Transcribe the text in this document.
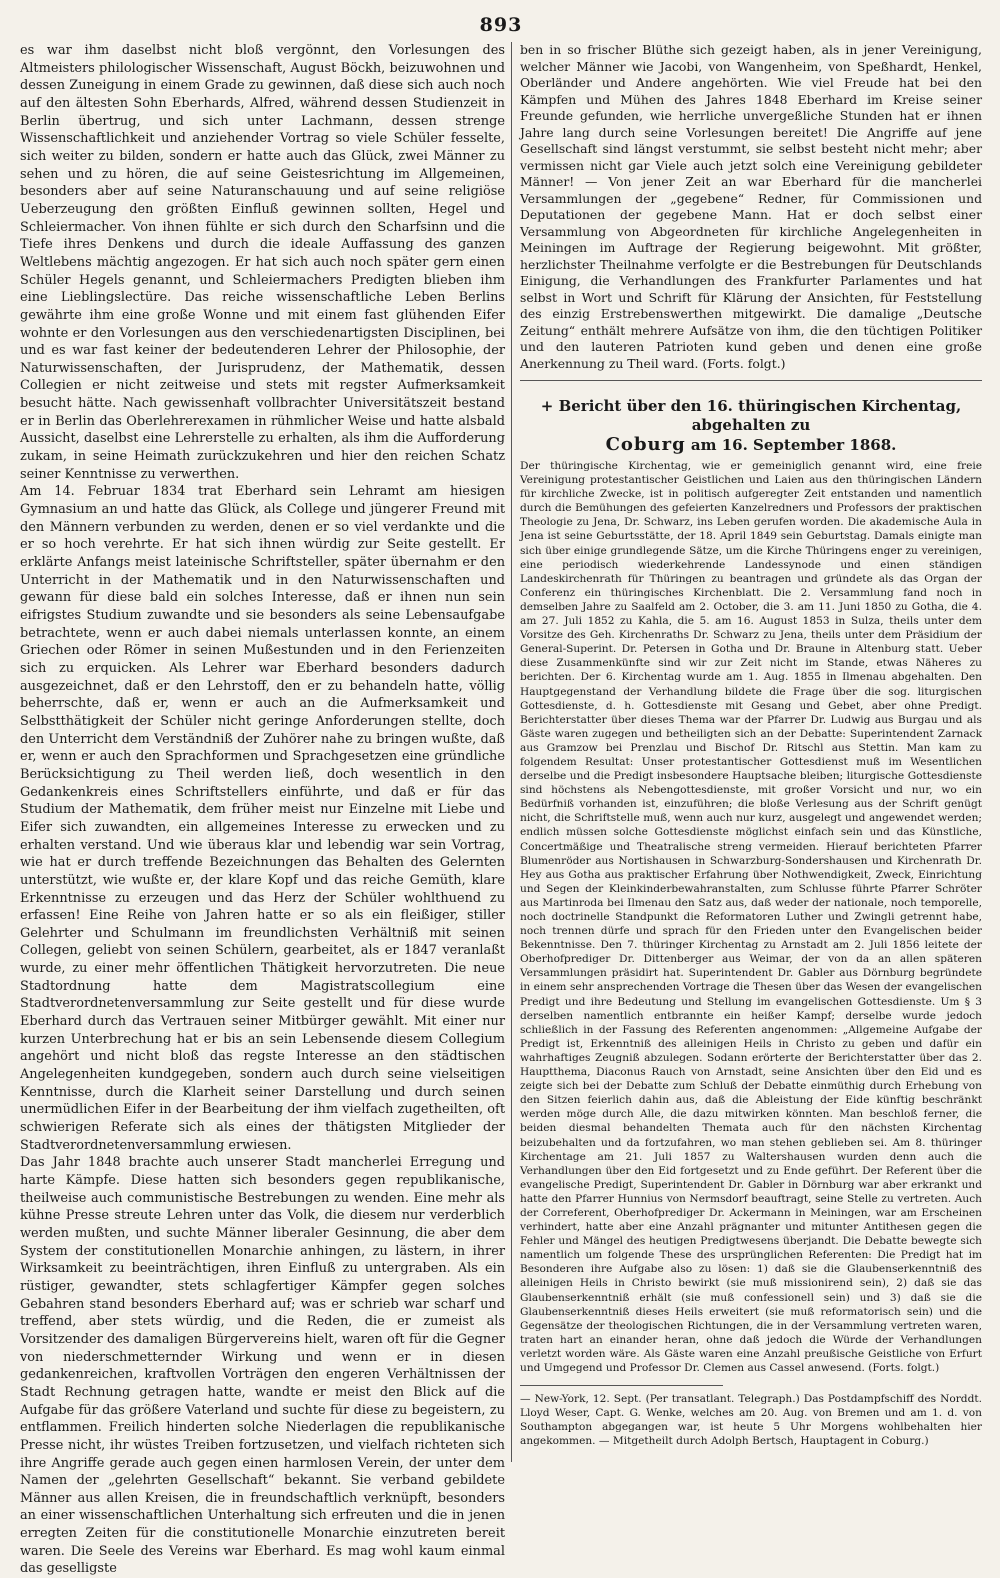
893

es war ihm daselbst nicht bloß vergönnt, den Vorlesungen des Altmeisters philologischer Wissenschaft, August Böckh, beizuwohnen und dessen Zuneigung in einem Grade zu gewinnen, daß diese sich auch noch auf den ältesten Sohn Eberhards, Alfred, während dessen Studienzeit in Berlin übertrug, und sich unter Lachmann, dessen strenge Wissenschaftlichkeit und anziehender Vortrag so viele Schüler fesselte, sich weiter zu bilden, sondern er hatte auch das Glück, zwei Männer zu sehen und zu hören, die auf seine Geistesrichtung im Allgemeinen, besonders aber auf seine Naturanschauung und auf seine religiöse Ueberzeugung den größten Einfluß gewinnen sollten, Hegel und Schleiermacher. Von ihnen fühlte er sich durch den Scharfsinn und die Tiefe ihres Denkens und durch die ideale Auffassung des ganzen Weltlebens mächtig angezogen. Er hat sich auch noch später gern einen Schüler Hegels genannt, und Schleiermachers Predigten blieben ihm eine Lieblingslectüre. Das reiche wissenschaftliche Leben Berlins gewährte ihm eine große Wonne und mit einem fast glühenden Eifer wohnte er den Vorlesungen aus den verschiedenartigsten Disciplinen, bei und es war fast keiner der bedeutenderen Lehrer der Philosophie, der Naturwissenschaften, der Jurisprudenz, der Mathematik, dessen Collegien er nicht zeitweise und stets mit regster Aufmerksamkeit besucht hätte. Nach gewissenhaft vollbrachter Universitätszeit bestand er in Berlin das Oberlehrerexamen in rühmlicher Weise und hatte alsbald Aussicht, daselbst eine Lehrerstelle zu erhalten, als ihm die Aufforderung zukam, in seine Heimath zurückzukehren und hier den reichen Schatz seiner Kenntnisse zu verwerthen.

Am 14. Februar 1834 trat Eberhard sein Lehramt am hiesigen Gymnasium an und hatte das Glück, als College und jüngerer Freund mit den Männern verbunden zu werden, denen er so viel verdankte und die er so hoch verehrte. Er hat sich ihnen würdig zur Seite gestellt. Er erklärte Anfangs meist lateinische Schriftsteller, später übernahm er den Unterricht in der Mathematik und in den Naturwissenschaften und gewann für diese bald ein solches Interesse, daß er ihnen nun sein eifrigstes Studium zuwandte und sie besonders als seine Lebensaufgabe betrachtete, wenn er auch dabei niemals unterlassen konnte, an einem Griechen oder Römer in seinen Mußestunden und in den Ferienzeiten sich zu erquicken. Als Lehrer war Eberhard besonders dadurch ausgezeichnet, daß er den Lehrstoff, den er zu behandeln hatte, völlig beherrschte, daß er, wenn er auch an die Aufmerksamkeit und Selbstthätigkeit der Schüler nicht geringe Anforderungen stellte, doch den Unterricht dem Verständniß der Zuhörer nahe zu bringen wußte, daß er, wenn er auch den Sprachformen und Sprachgesetzen eine gründliche Berücksichtigung zu Theil werden ließ, doch wesentlich in den Gedankenkreis eines Schriftstellers einführte, und daß er für das Studium der Mathematik, dem früher meist nur Einzelne mit Liebe und Eifer sich zuwandten, ein allgemeines Interesse zu erwecken und zu erhalten verstand. Und wie überaus klar und lebendig war sein Vortrag, wie hat er durch treffende Bezeichnungen das Behalten des Gelernten unterstützt, wie wußte er, der klare Kopf und das reiche Gemüth, klare Erkenntnisse zu erzeugen und das Herz der Schüler wohlthuend zu erfassen! Eine Reihe von Jahren hatte er so als ein fleißiger, stiller Gelehrter und Schulmann im freundlichsten Verhältniß mit seinen Collegen, geliebt von seinen Schülern, gearbeitet, als er 1847 veranlaßt wurde, zu einer mehr öffentlichen Thätigkeit hervorzutreten. Die neue Stadtordnung hatte dem Magistratscollegium eine Stadtverordnetenversammlung zur Seite gestellt und für diese wurde Eberhard durch das Vertrauen seiner Mitbürger gewählt. Mit einer nur kurzen Unterbrechung hat er bis an sein Lebensende diesem Collegium angehört und nicht bloß das regste Interesse an den städtischen Angelegenheiten kundgegeben, sondern auch durch seine vielseitigen Kenntnisse, durch die Klarheit seiner Darstellung und durch seinen unermüdlichen Eifer in der Bearbeitung der ihm vielfach zugetheilten, oft schwierigen Referate sich als eines der thätigsten Mitglieder der Stadtverordnetenversammlung erwiesen.

Das Jahr 1848 brachte auch unserer Stadt mancherlei Erregung und harte Kämpfe. Diese hatten sich besonders gegen republikanische, theilweise auch communistische Bestrebungen zu wenden. Eine mehr als kühne Presse streute Lehren unter das Volk, die diesem nur verderblich werden mußten, und suchte Männer liberaler Gesinnung, die aber dem System der constitutionellen Monarchie anhingen, zu lästern, in ihrer Wirksamkeit zu beeinträchtigen, ihren Einfluß zu untergraben. Als ein rüstiger, gewandter, stets schlagfertiger Kämpfer gegen solches Gebahren stand besonders Eberhard auf; was er schrieb war scharf und treffend, aber stets würdig, und die Reden, die er zumeist als Vorsitzender des damaligen Bürgervereins hielt, waren oft für die Gegner von niederschmetternder Wirkung und wenn er in diesen gedankenreichen, kraftvollen Vorträgen den engeren Verhältnissen der Stadt Rechnung getragen hatte, wandte er meist den Blick auf die Aufgabe für das größere Vaterland und suchte für diese zu begeistern, zu entflammen. Freilich hinderten solche Niederlagen die republikanische Presse nicht, ihr wüstes Treiben fortzusetzen, und vielfach richteten sich ihre Angriffe gerade auch gegen einen harmlosen Verein, der unter dem Namen der „gelehrten Gesellschaft“ bekannt. Sie verband gebildete Männer aus allen Kreisen, die in freundschaftlich verknüpft, besonders an einer wissenschaftlichen Unterhaltung sich erfreuten und die in jenen erregten Zeiten für die constitutionelle Monarchie einzutreten bereit waren. Die Seele des Vereins war Eberhard. Es mag wohl kaum einmal das geselligste

ben in so frischer Blüthe sich gezeigt haben, als in jener Vereinigung, welcher Männer wie Jacobi, von Wangenheim, von Speßhardt, Henkel, Oberländer und Andere angehörten. Wie viel Freude hat bei den Kämpfen und Mühen des Jahres 1848 Eberhard im Kreise seiner Freunde gefunden, wie herrliche unvergeßliche Stunden hat er ihnen Jahre lang durch seine Vorlesungen bereitet! Die Angriffe auf jene Gesellschaft sind längst verstummt, sie selbst besteht nicht mehr; aber vermissen nicht gar Viele auch jetzt solch eine Vereinigung gebildeter Männer! — Von jener Zeit an war Eberhard für die mancherlei Versammlungen der „gegebene“ Redner, für Commissionen und Deputationen der gegebene Mann. Hat er doch selbst einer Versammlung von Abgeordneten für kirchliche Angelegenheiten in Meiningen im Auftrage der Regierung beigewohnt. Mit größter, herzlichster Theilnahme verfolgte er die Bestrebungen für Deutschlands Einigung, die Verhandlungen des Frankfurter Parlamentes und hat selbst in Wort und Schrift für Klärung der Ansichten, für Feststellung des einzig Erstrebenswerthen mitgewirkt. Die damalige „Deutsche Zeitung“ enthält mehrere Aufsätze von ihm, die den tüchtigen Politiker und den lauteren Patrioten kund geben und denen eine große Anerkennung zu Theil ward. (Forts. folgt.)

+ Bericht über den 16. thüringischen Kirchentag, abgehalten zu
Coburg am 16. September 1868.

Der thüringische Kirchentag, wie er gemeiniglich genannt wird, eine freie Vereinigung protestantischer Geistlichen und Laien aus den thüringischen Ländern für kirchliche Zwecke, ist in politisch aufgeregter Zeit entstanden und namentlich durch die Bemühungen des gefeierten Kanzelredners und Professors der praktischen Theologie zu Jena, Dr. Schwarz, ins Leben gerufen worden. Die akademische Aula in Jena ist seine Geburtsstätte, der 18. April 1849 sein Geburtstag. Damals einigte man sich über einige grundlegende Sätze, um die Kirche Thüringens enger zu vereinigen, eine periodisch wiederkehrende Landessynode und einen ständigen Landeskirchenrath für Thüringen zu beantragen und gründete als das Organ der Conferenz ein thüringisches Kirchenblatt. Die 2. Versammlung fand noch in demselben Jahre zu Saalfeld am 2. October, die 3. am 11. Juni 1850 zu Gotha, die 4. am 27. Juli 1852 zu Kahla, die 5. am 16. August 1853 in Sulza, theils unter dem Vorsitze des Geh. Kirchenraths Dr. Schwarz zu Jena, theils unter dem Präsidium der General-Superint. Dr. Petersen in Gotha und Dr. Braune in Altenburg statt. Ueber diese Zusammenkünfte sind wir zur Zeit nicht im Stande, etwas Näheres zu berichten. Der 6. Kirchentag wurde am 1. Aug. 1855 in Ilmenau abgehalten. Den Hauptgegenstand der Verhandlung bildete die Frage über die sog. liturgischen Gottesdienste, d. h. Gottesdienste mit Gesang und Gebet, aber ohne Predigt. Berichterstatter über dieses Thema war der Pfarrer Dr. Ludwig aus Burgau und als Gäste waren zugegen und betheiligten sich an der Debatte: Superintendent Zarnack aus Gramzow bei Prenzlau und Bischof Dr. Ritschl aus Stettin. Man kam zu folgendem Resultat: Unser protestantischer Gottesdienst muß im Wesentlichen derselbe und die Predigt insbesondere Hauptsache bleiben; liturgische Gottesdienste sind höchstens als Nebengottesdienste, mit großer Vorsicht und nur, wo ein Bedürfniß vorhanden ist, einzuführen; die bloße Verlesung aus der Schrift genügt nicht, die Schriftstelle muß, wenn auch nur kurz, ausgelegt und angewendet werden; endlich müssen solche Gottesdienste möglichst einfach sein und das Künstliche, Concertmäßige und Theatralische streng vermeiden. Hierauf berichteten Pfarrer Blumenröder aus Nortishausen in Schwarzburg-Sondershausen und Kirchenrath Dr. Hey aus Gotha aus praktischer Erfahrung über Nothwendigkeit, Zweck, Einrichtung und Segen der Kleinkinderbewahranstalten, zum Schlusse führte Pfarrer Schröter aus Martinroda bei Ilmenau den Satz aus, daß weder der nationale, noch temporelle, noch doctrinelle Standpunkt die Reformatoren Luther und Zwingli getrennt habe, noch trennen dürfe und sprach für den Frieden unter den Evangelischen beider Bekenntnisse. Den 7. thüringer Kirchentag zu Arnstadt am 2. Juli 1856 leitete der Oberhofprediger Dr. Dittenberger aus Weimar, der von da an allen späteren Versammlungen präsidirt hat. Superintendent Dr. Gabler aus Dörnburg begründete in einem sehr ansprechenden Vortrage die Thesen über das Wesen der evangelischen Predigt und ihre Bedeutung und Stellung im evangelischen Gottesdienste. Um § 3 derselben namentlich entbrannte ein heißer Kampf; derselbe wurde jedoch schließlich in der Fassung des Referenten angenommen: „Allgemeine Aufgabe der Predigt ist, Erkenntniß des alleinigen Heils in Christo zu geben und dafür ein wahrhaftiges Zeugniß abzulegen. Sodann erörterte der Berichterstatter über das 2. Hauptthema, Diaconus Rauch von Arnstadt, seine Ansichten über den Eid und es zeigte sich bei der Debatte zum Schluß der Debatte einmüthig durch Erhebung von den Sitzen feierlich dahin aus, daß die Ableistung der Eide künftig beschränkt werden möge durch Alle, die dazu mitwirken könnten. Man beschloß ferner, die beiden diesmal behandelten Themata auch für den nächsten Kirchentag beizubehalten und da fortzufahren, wo man stehen geblieben sei. Am 8. thüringer Kirchentage am 21. Juli 1857 zu Waltershausen wurden denn auch die Verhandlungen über den Eid fortgesetzt und zu Ende geführt. Der Referent über die evangelische Predigt, Superintendent Dr. Gabler in Dörnburg war aber erkrankt und hatte den Pfarrer Hunnius von Nermsdorf beauftragt, seine Stelle zu vertreten. Auch der Correferent, Oberhofprediger Dr. Ackermann in Meiningen, war am Erscheinen verhindert, hatte aber eine Anzahl prägnanter und mitunter Antithesen gegen die Fehler und Mängel des heutigen Predigtwesens überjandt. Die Debatte bewegte sich namentlich um folgende These des ursprünglichen Referenten: Die Predigt hat im Besonderen ihre Aufgabe also zu lösen: 1) daß sie die Glaubenserkenntniß des alleinigen Heils in Christo bewirkt (sie muß missionirend sein), 2) daß sie das Glaubenserkenntniß erhält (sie muß confessionell sein) und 3) daß sie die Glaubenserkenntniß dieses Heils erweitert (sie muß reformatorisch sein) und die Gegensätze der theologischen Richtungen, die in der Versammlung vertreten waren, traten hart an einander heran, ohne daß jedoch die Würde der Verhandlungen verletzt worden wäre. Als Gäste waren eine Anzahl preußische Geistliche von Erfurt und Umgegend und Professor Dr. Clemen aus Cassel anwesend. (Forts. folgt.)

— New-York, 12. Sept. (Per transatlant. Telegraph.) Das Postdampfschiff des Norddt. Lloyd Weser, Capt. G. Wenke, welches am 20. Aug. von Bremen und am 1. d. von Southampton abgegangen war, ist heute 5 Uhr Morgens wohlbehalten hier angekommen. — Mitgetheilt durch Adolph Bertsch, Hauptagent in Coburg.)
